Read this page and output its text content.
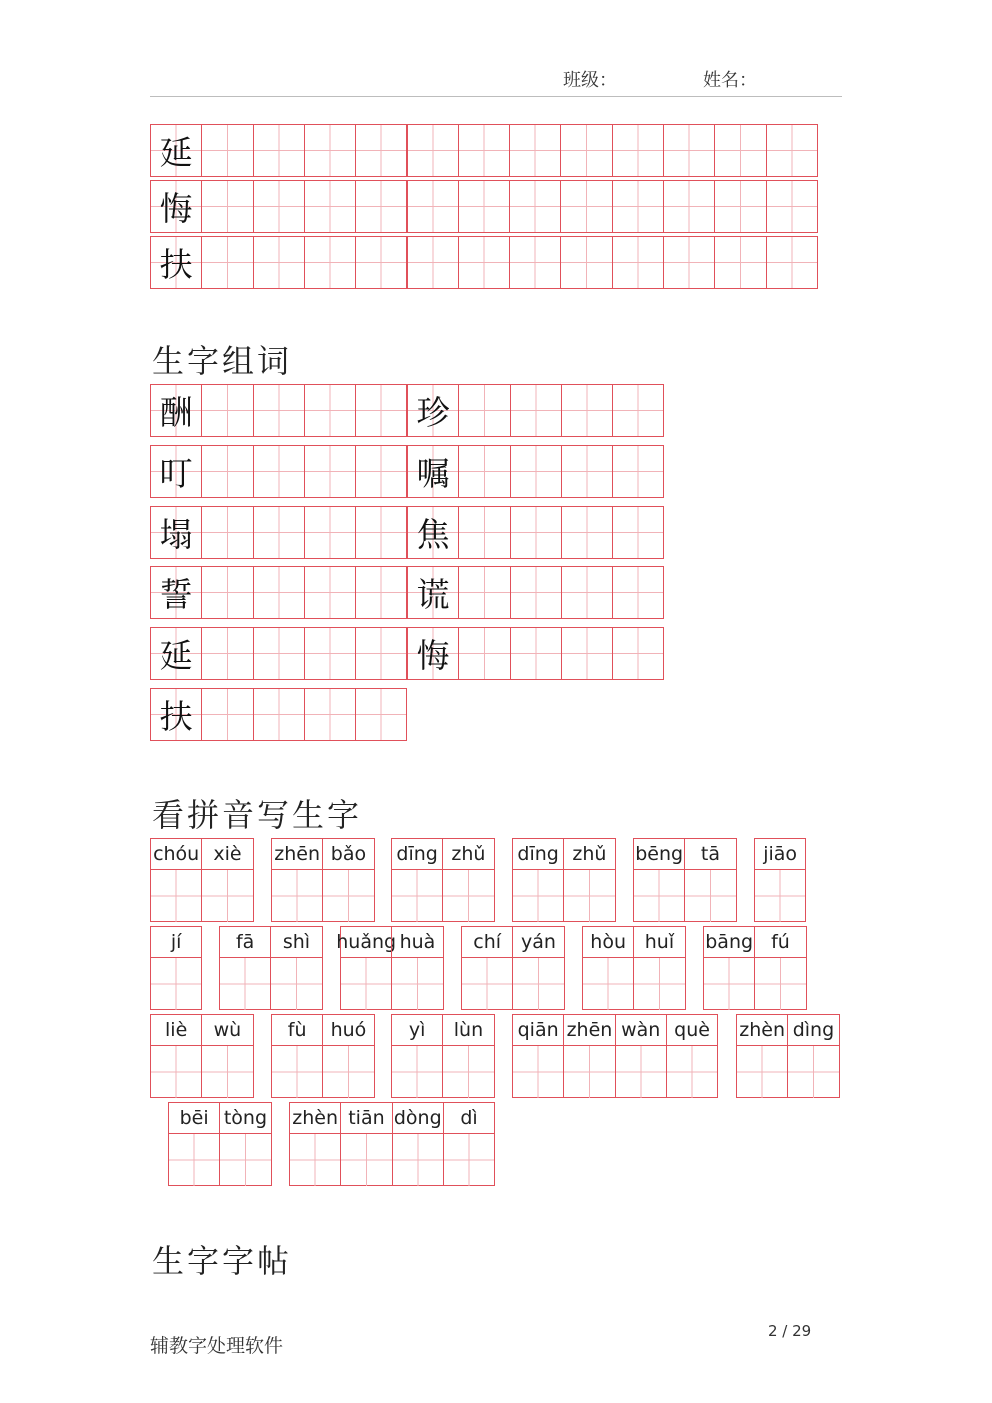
班级：	姓名：
延
悔
扶
生字组词
酬	珍
叮	嘱
塌	焦
誓	谎
延	悔
扶
看拼音写生字
chóu xiè	zhēn bǎo	dīng zhǔ	dīng zhǔ	bēng tā	jiāo
jí	fā	shì	huǎng huà	chí	yán	hòu huǐ	bāng fú
liè	wù	fù	huó	yì	lùn	qiān zhēn wàn què	zhèn dìng
bēi tòng zhèn tiān dòng dì
生字字帖
辅教字处理软件
2 / 29
